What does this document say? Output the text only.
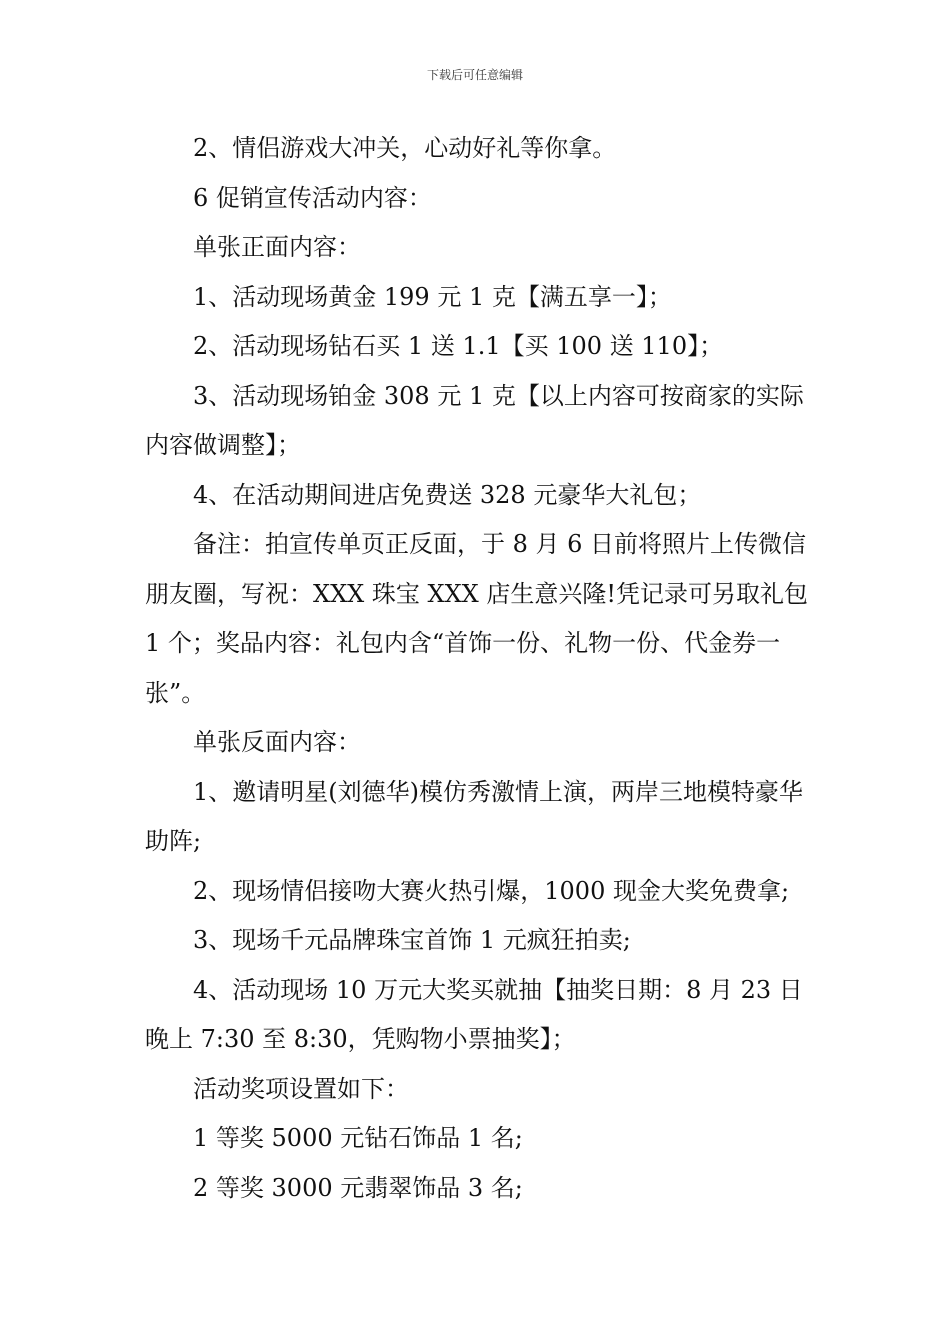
下载后可任意编辑

2、情侣游戏大冲关，心动好礼等你拿。

6 促销宣传活动内容：

单张正面内容：

1、活动现场黄金 199 元 1 克【满五享一】；

2、活动现场钻石买 1 送 1.1【买 100 送 110】；

3、活动现场铂金 308 元 1 克【以上内容可按商家的实际内容做调整】；

4、在活动期间进店免费送 328 元豪华大礼包；

备注：拍宣传单页正反面，于 8 月 6 日前将照片上传微信朋友圈，写祝：XXX 珠宝 XXX 店生意兴隆!凭记录可另取礼包 1 个；奖品内容：礼包内含“首饰一份、礼物一份、代金券一张”。

单张反面内容：

1、邀请明星(刘德华)模仿秀激情上演，两岸三地模特豪华助阵;

2、现场情侣接吻大赛火热引爆，1000 现金大奖免费拿;

3、现场千元品牌珠宝首饰 1 元疯狂拍卖;

4、活动现场 10 万元大奖买就抽【抽奖日期：8 月 23 日晚上 7:30 至 8:30，凭购物小票抽奖】；

活动奖项设置如下：

1 等奖 5000 元钻石饰品 1 名;

2 等奖 3000 元翡翠饰品 3 名;
